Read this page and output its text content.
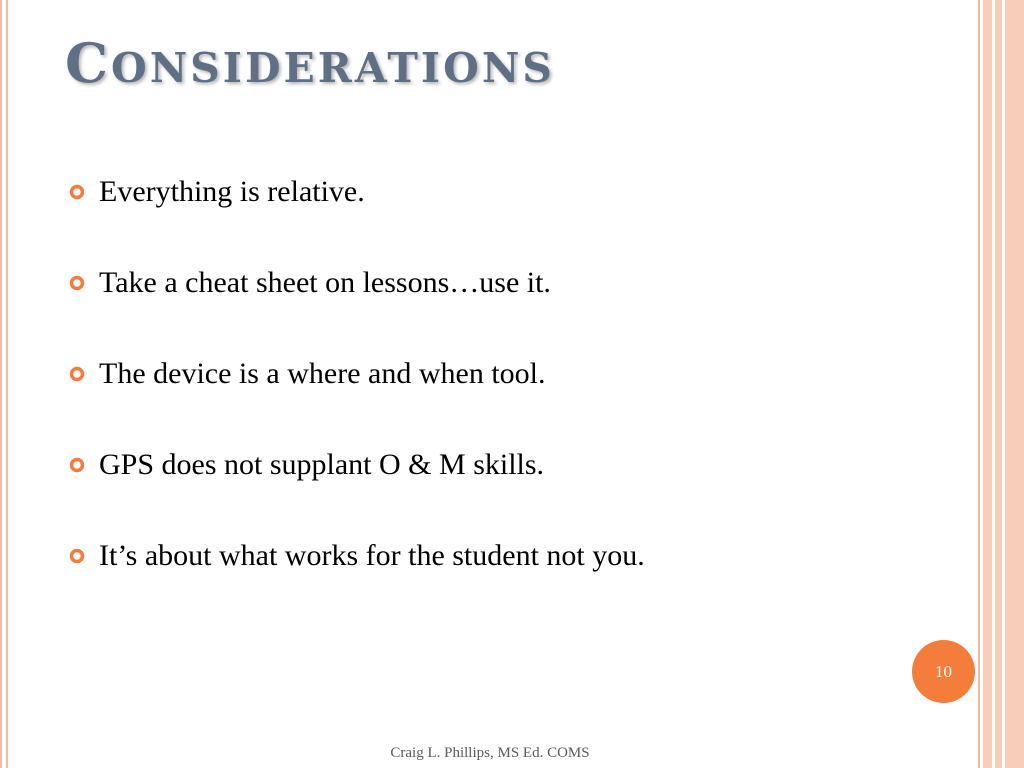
CONSIDERATIONS
Everything is relative.
Take a cheat sheet on lessons…use it.
The device is a where and when tool.
GPS does not supplant O & M skills.
It’s about what works for the student not you.
10
Craig L. Phillips, MS Ed. COMS
